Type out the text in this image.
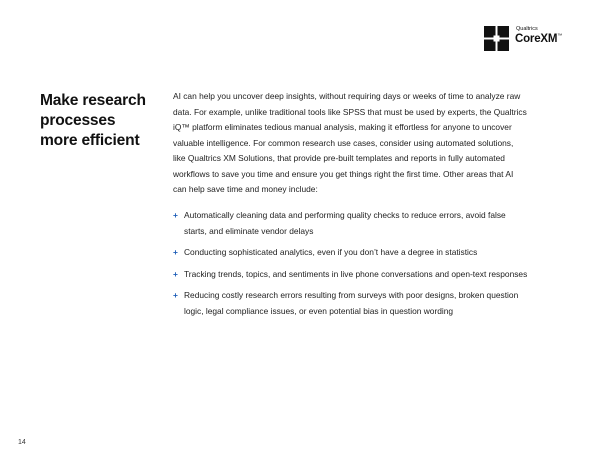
Qualtrics
CoreXM™
Make research
processes
more efficient

AI can help you uncover deep insights, without requiring days or weeks of time to analyze raw
data. For example, unlike traditional tools like SPSS that must be used by experts, the Qualtrics
iQ™ platform eliminates tedious manual analysis, making it effortless for anyone to uncover
valuable intelligence. For common research use cases, consider using automated solutions,
like Qualtrics XM Solutions, that provide pre-built templates and reports in fully automated
workflows to save you time and ensure you get things right the first time. Other areas that AI
can help save time and money include:

+ Automatically cleaning data and performing quality checks to reduce errors, avoid false
starts, and eliminate vendor delays
+ Conducting sophisticated analytics, even if you don’t have a degree in statistics
+ Tracking trends, topics, and sentiments in live phone conversations and open-text responses
+ Reducing costly research errors resulting from surveys with poor designs, broken question
logic, legal compliance issues, or even potential bias in question wording
14
